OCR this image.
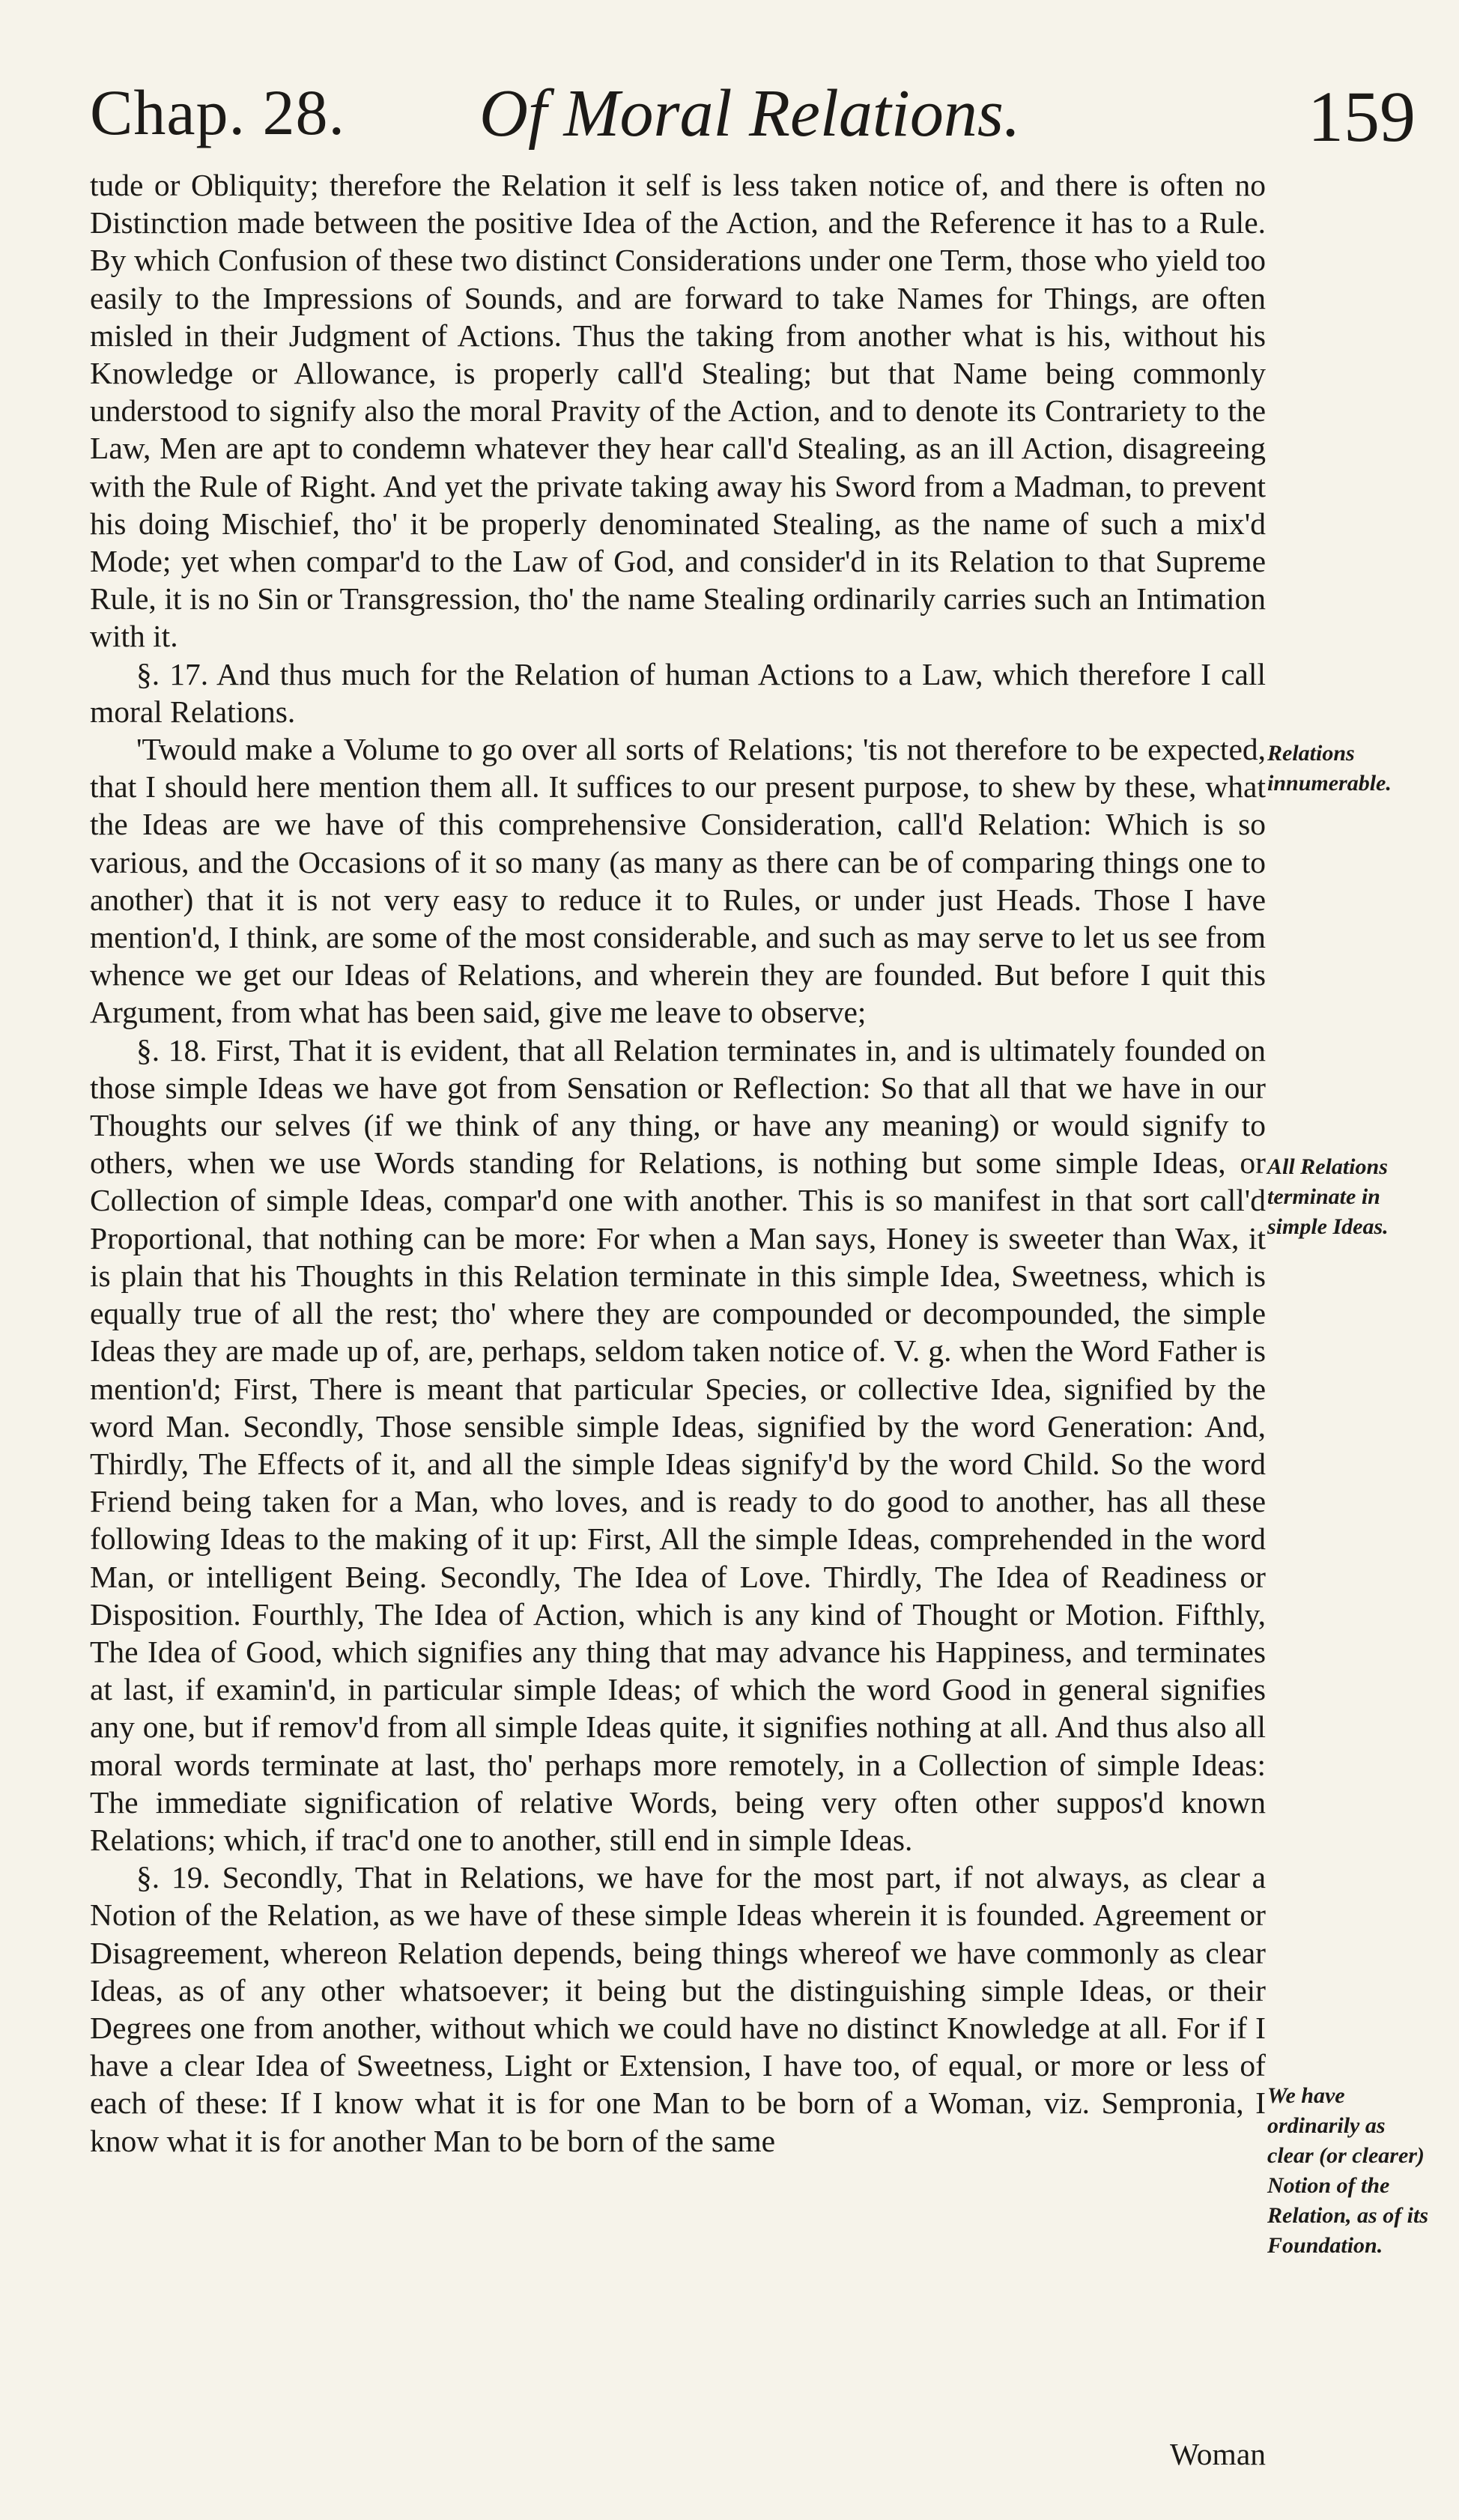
Chap. 28. Of Moral Relations.	159

tude or Obliquity; therefore the Relation it self is less taken notice of, and there is often no Distinction made between the positive Idea of the Action, and the Reference it has to a Rule. By which Confusion of these two distinct Considerations under one Term, those who yield too easily to the Impressions of Sounds, and are forward to take Names for Things, are often misled in their Judgment of Actions. Thus the taking from another what is his, without his Knowledge or Allowance, is properly call'd Stealing; but that Name being commonly understood to signify also the moral Pravity of the Action, and to denote its Contrariety to the Law, Men are apt to condemn whatever they hear call'd Stealing, as an ill Action, disagreeing with the Rule of Right. And yet the private taking away his Sword from a Madman, to prevent his doing Mischief, tho' it be properly denominated Stealing, as the name of such a mix'd Mode; yet when compar'd to the Law of God, and consider'd in its Relation to that Supreme Rule, it is no Sin or Transgression, tho' the name Stealing ordinarily carries such an Intimation with it.

§. 17. And thus much for the Relation of human Actions to a Law, which therefore I call moral Relations.

'Twould make a Volume to go over all sorts of Relations; 'tis not therefore to be expected, that I should here mention them all. It suffices to our present purpose, to shew by these, what the Ideas are we have of this comprehensive Consideration, call'd Relation: Which is so various, and the Occasions of it so many (as many as there can be of comparing things one to another) that it is not very easy to reduce it to Rules, or under just Heads. Those I have mention'd, I think, are some of the most considerable, and such as may serve to let us see from whence we get our Ideas of Relations, and wherein they are founded. But before I quit this Argument, from what has been said, give me leave to observe;

§. 18. First, That it is evident, that all Relation terminates in, and is ultimately founded on those simple Ideas we have got from Sensation or Reflection: So that all that we have in our Thoughts our selves (if we think of any thing, or have any meaning) or would signify to others, when we use Words standing for Relations, is nothing but some simple Ideas, or Collection of simple Ideas, compar'd one with another. This is so manifest in that sort call'd Proportional, that nothing can be more: For when a Man says, Honey is sweeter than Wax, it is plain that his Thoughts in this Relation terminate in this simple Idea, Sweetness, which is equally true of all the rest; tho' where they are compounded or decompounded, the simple Ideas they are made up of, are, perhaps, seldom taken notice of. V. g. when the Word Father is mention'd; First, There is meant that particular Species, or collective Idea, signified by the word Man. Secondly, Those sensible simple Ideas, signified by the word Generation: And, Thirdly, The Effects of it, and all the simple Ideas signify'd by the word Child. So the word Friend being taken for a Man, who loves, and is ready to do good to another, has all these following Ideas to the making of it up: First, All the simple Ideas, comprehended in the word Man, or intelligent Being. Secondly, The Idea of Love. Thirdly, The Idea of Readiness or Disposition. Fourthly, The Idea of Action, which is any kind of Thought or Motion. Fifthly, The Idea of Good, which signifies any thing that may advance his Happiness, and terminates at last, if examin'd, in particular simple Ideas; of which the word Good in general signifies any one, but if remov'd from all simple Ideas quite, it signifies nothing at all. And thus also all moral words terminate at last, tho' perhaps more remotely, in a Collection of simple Ideas: The immediate signification of relative Words, being very often other suppos'd known Relations; which, if trac'd one to another, still end in simple Ideas.

§. 19. Secondly, That in Relations, we have for the most part, if not always, as clear a Notion of the Relation, as we have of these simple Ideas wherein it is founded. Agreement or Disagreement, whereon Relation depends, being things whereof we have commonly as clear Ideas, as of any other whatsoever; it being but the distinguishing simple Ideas, or their Degrees one from another, without which we could have no distinct Knowledge at all. For if I have a clear Idea of Sweetness, Light or Extension, I have too, of equal, or more or less of each of these: If I know what it is for one Man to be born of a Woman, viz. Sempronia, I know what it is for another Man to be born of the same

Relations innumerable.
All Relations terminate in simple Ideas.
We have ordinarily as clear (or clearer) Notion of the Relation, as of its Foundation.
Woman
